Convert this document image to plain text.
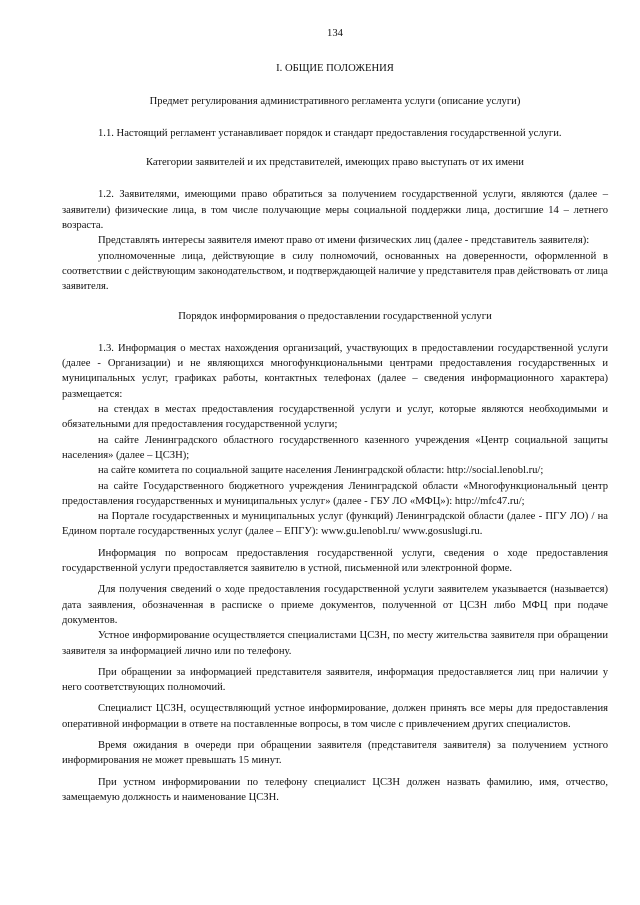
134
I. ОБЩИЕ ПОЛОЖЕНИЯ
Предмет регулирования административного регламента услуги (описание услуги)

1.1. Настоящий регламент устанавливает порядок и стандарт предоставления государственной услуги.

Категории заявителей и их представителей, имеющих право выступать от их имени

1.2. Заявителями, имеющими право обратиться за получением государственной услуги, являются (далее – заявители) физические лица, в том числе получающие меры социальной поддержки лица, достигшие 14 – летнего возраста.

Представлять интересы заявителя имеют право от имени физических лиц (далее - представитель заявителя):

уполномоченные лица, действующие в силу полномочий, основанных на доверенности, оформленной в соответствии с действующим законодательством, и подтверждающей наличие у представителя прав действовать от лица заявителя.

Порядок информирования о предоставлении государственной услуги

1.3. Информация о местах нахождения организаций, участвующих в предоставлении государственной услуги (далее - Организации) и не являющихся многофункциональными центрами предоставления государственных и муниципальных услуг, графиках работы, контактных телефонах (далее – сведения информационного характера) размещается:

на стендах в местах предоставления государственной услуги и услуг, которые являются необходимыми и обязательными для предоставления государственной услуги;

на сайте Ленинградского областного государственного казенного учреждения «Центр социальной защиты населения» (далее – ЦСЗН);

на сайте комитета по социальной защите населения Ленинградской области: http://social.lenobl.ru/;

на сайте Государственного бюджетного учреждения Ленинградской области «Многофункциональный центр предоставления государственных и муниципальных услуг» (далее - ГБУ ЛО «МФЦ»): http://mfc47.ru/;

на Портале государственных и муниципальных услуг (функций) Ленинградской области (далее - ПГУ ЛО) / на Едином портале государственных услуг (далее – ЕПГУ): www.gu.lenobl.ru/ www.gosuslugi.ru.

Информация по вопросам предоставления государственной услуги, сведения о ходе предоставления государственной услуги предоставляется заявителю в устной, письменной или электронной форме.

Для получения сведений о ходе предоставления государственной услуги заявителем указывается (называется) дата заявления, обозначенная в расписке о приеме документов, полученной от ЦСЗН либо МФЦ при подаче документов.

Устное информирование осуществляется специалистами ЦСЗН, по месту жительства заявителя при обращении заявителя за информацией лично или по телефону.

При обращении за информацией представителя заявителя, информация предоставляется лиц при наличии у него соответствующих полномочий.

Специалист ЦСЗН, осуществляющий устное информирование, должен принять все меры для предоставления оперативной информации в ответе на поставленные вопросы, в том числе с привлечением других специалистов.

Время ожидания в очереди при обращении заявителя (представителя заявителя) за получением устного информирования не может превышать 15 минут.

При устном информировании по телефону специалист ЦСЗН должен назвать фамилию, имя, отчество, замещаемую должность и наименование ЦСЗН.
